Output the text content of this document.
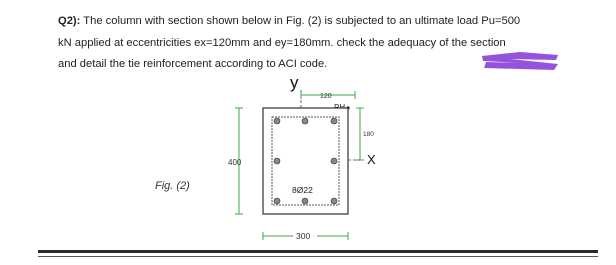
Q2): The column with section shown below in Fig. (2) is subjected to an ultimate load Pu=500
kN applied at eccentricities ex=120mm and ey=180mm. check the adequacy of the section
and detail the tie reinforcement according to ACI code.
Fig. (2)
y
120
180
X
400
8Ø22
300
